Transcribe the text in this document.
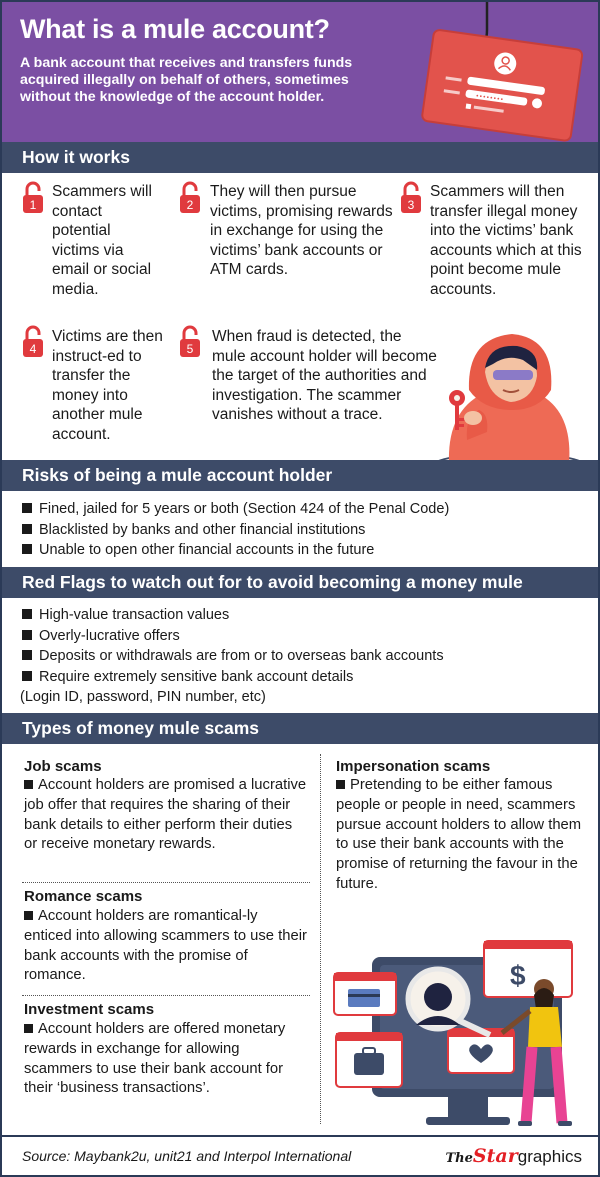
What is a mule account?

A bank account that receives and transfers funds acquired illegally on behalf of others, sometimes without the knowledge of the account holder.	••••••••
How it works
1
Scammers will contact potential victims via email or social media.
2
They will then pursue victims, promising rewards in exchange for using the victims’ bank accounts or ATM cards.
3
Scammers will then transfer illegal money into the victims’ bank accounts which at this point become mule accounts.
4
Victims are then instruct-ed to transfer the money into another mule account.
5
When fraud is detected, the mule account holder will become the target of the authorities and investigation. The scammer vanishes without a trace.
Risks of being a mule account holder
Fined, jailed for 5 years or both (Section 424 of the Penal Code)
Blacklisted by banks and other financial institutions
Unable to open other financial accounts in the future
Red Flags to watch out for to avoid becoming a money mule
High-value transaction values
Overly-lucrative offers
Deposits or withdrawals are from or to overseas bank accounts
Require extremely sensitive bank account details
(Login ID, password, PIN number, etc)
Types of money mule scams
Job scams
Account holders are promised a lucrative job offer that requires the sharing of their bank details to either perform their duties or receive monetary rewards.
Romance scams
Account holders are romantical-ly enticed into allowing scammers to use their bank accounts with the promise of romance.
Investment scams
Account holders are offered monetary rewards in exchange for allowing scammers to use their bank account for their ‘business transactions’.
Impersonation scams
Pretending to be either famous people or people in need, scammers pursue account holders to allow them to use their bank accounts with the promise of returning the favour in the future.
$
Source: Maybank2u, unit21 and Interpol International	TheStargraphics
